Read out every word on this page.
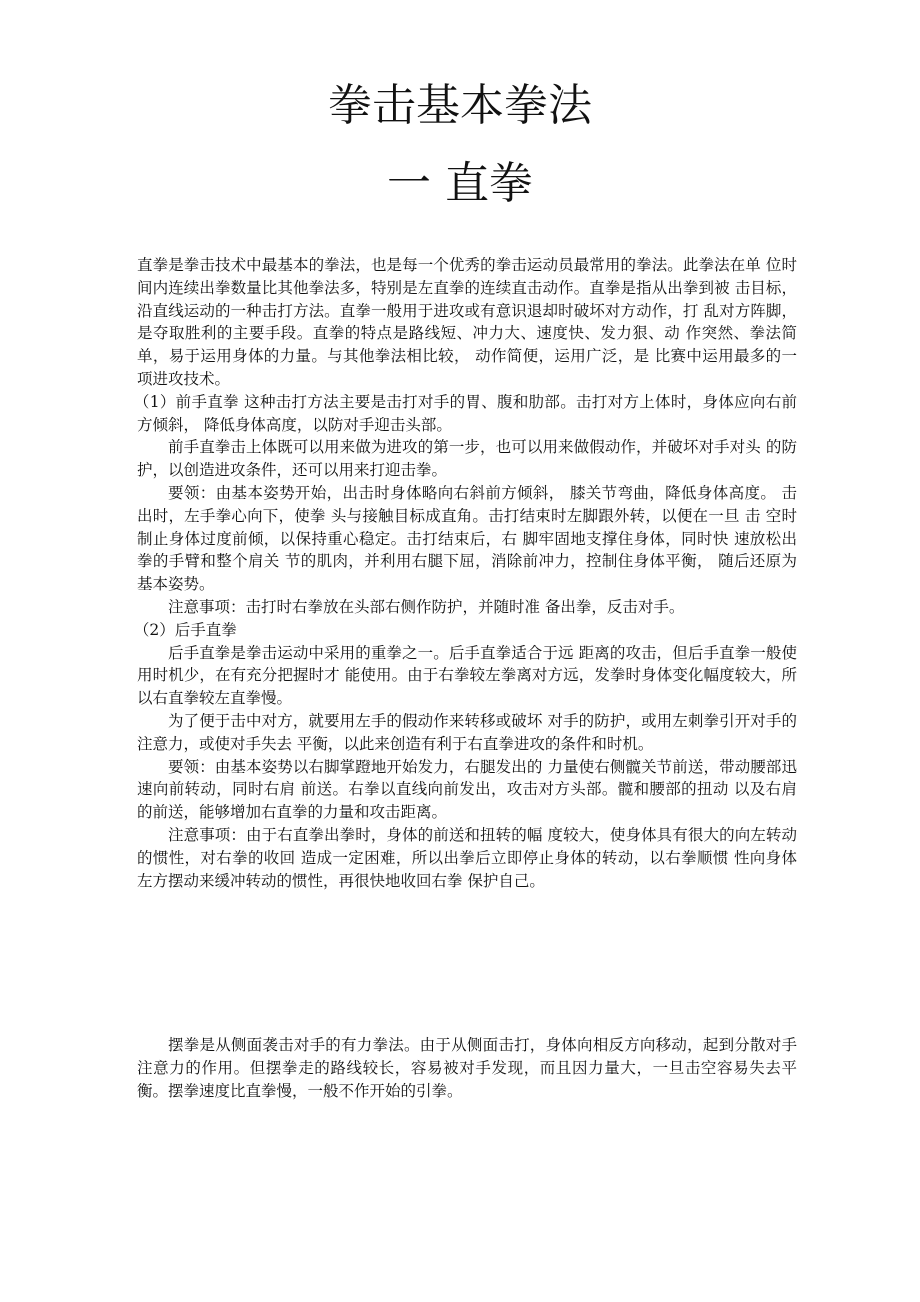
拳击基本拳法
一 直拳

直拳是拳击技术中最基本的拳法，也是每一个优秀的拳击运动员最常用的拳法。此拳法在单 位时间内连续出拳数量比其他拳法多，特别是左直拳的连续直击动作。直拳是指从出拳到被 击目标，沿直线运动的一种击打方法。直拳一般用于进攻或有意识退却时破坏对方动作，打 乱对方阵脚，是夺取胜利的主要手段。直拳的特点是路线短、冲力大、速度快、发力狠、动 作突然、拳法简单，易于运用身体的力量。与其他拳法相比较， 动作简便，运用广泛，是 比赛中运用最多的一项进攻技术。

（1）前手直拳 这种击打方法主要是击打对手的胃、腹和肋部。击打对方上体时，身体应向右前方倾斜， 降低身体高度，以防对手迎击头部。

前手直拳击上体既可以用来做为进攻的第一步，也可以用来做假动作，并破坏对手对头 的防护，以创造进攻条件，还可以用来打迎击拳。

要领：由基本姿势开始，出击时身体略向右斜前方倾斜， 膝关节弯曲，降低身体高度。 击出时，左手拳心向下，使拳 头与接触目标成直角。击打结束时左脚跟外转，以便在一旦 击 空时制止身体过度前倾，以保持重心稳定。击打结束后，右 脚牢固地支撑住身体，同时快 速放松出拳的手臂和整个肩关 节的肌肉，并利用右腿下屈，消除前冲力，控制住身体平衡， 随后还原为基本姿势。

注意事项：击打时右拳放在头部右侧作防护，并随时准 备出拳，反击对手。

（2）后手直拳

后手直拳是拳击运动中采用的重拳之一。后手直拳适合于远 距离的攻击，但后手直拳一般使用时机少，在有充分把握时才 能使用。由于右拳较左拳离对方远，发拳时身体变化幅度较大，所以右直拳较左直拳慢。

为了便于击中对方，就要用左手的假动作来转移或破坏 对手的防护，或用左刺拳引开对手的注意力，或使对手失去 平衡，以此来创造有利于右直拳进攻的条件和时机。

要领：由基本姿势以右脚掌蹬地开始发力，右腿发出的 力量使右侧髋关节前送，带动腰部迅速向前转动，同时右肩 前送。右拳以直线向前发出，攻击对方头部。髋和腰部的扭动 以及右肩的前送，能够增加右直拳的力量和攻击距离。

注意事项：由于右直拳出拳时，身体的前送和扭转的幅 度较大，使身体具有很大的向左转动的惯性，对右拳的收回 造成一定困难，所以出拳后立即停止身体的转动，以右拳顺惯 性向身体左方摆动来缓冲转动的惯性，再很快地收回右拳 保护自己。

摆拳是从侧面袭击对手的有力拳法。由于从侧面击打，身体向相反方向移动，起到分散对手注意力的作用。但摆拳走的路线较长，容易被对手发现，而且因力量大，一旦击空容易失去平衡。摆拳速度比直拳慢，一般不作开始的引拳。
